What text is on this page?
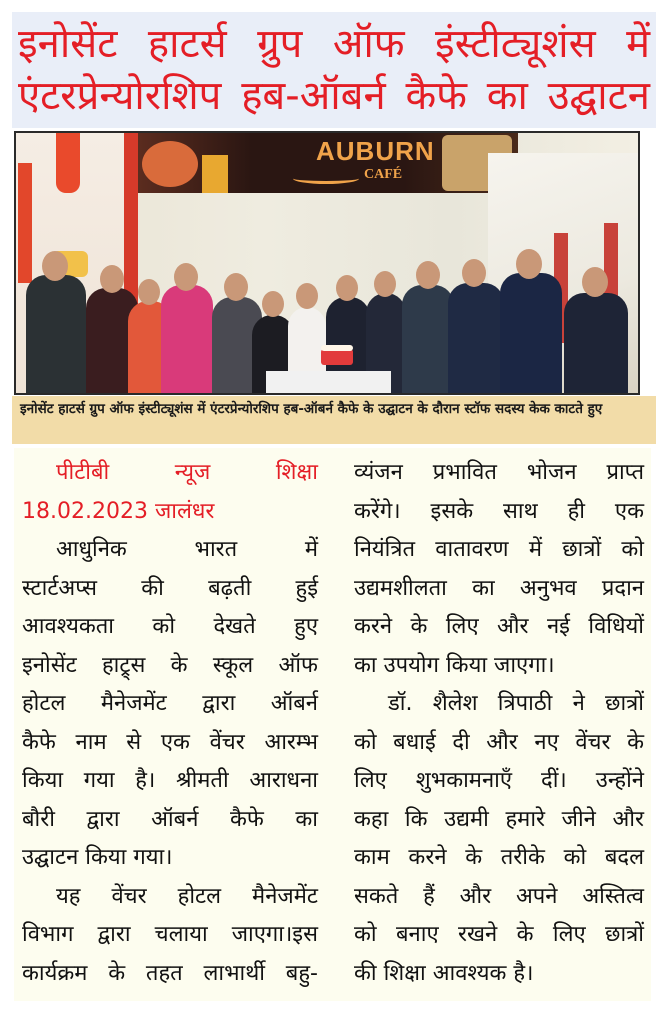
इनोसेंट हाटर्स ग्रुप ऑफ इंस्टीट्यूशंस में
एंटरप्रेन्योरशिप हब-ऑबर्न कैफे का उद्घाटन
AUBURN
CAFÉ
इनोसेंट हाटर्स ग्रुप ऑफ इंस्टीट्यूशंस में एंटरप्रेन्योरशिप हब-ऑबर्न कैफे के उद्घाटन के दौरान स्टॉफ सदस्य केक काटते हुए
पीटीबी न्यूज शिक्षा
18.02.2023 जालंधर
आधुनिक भारत में
स्टार्टअप्स की बढ़ती हुई
आवश्यकता को देखते हुए
इनोसेंट हाट्र्स के स्कूल ऑफ
होटल मैनेजमेंट द्वारा ऑबर्न
कैफे नाम से एक वेंचर आरम्भ
किया गया है। श्रीमती आराधना
बौरी द्वारा ऑबर्न कैफे का
उद्घाटन किया गया।
यह वेंचर होटल मैनेजमेंट
विभाग द्वारा चलाया जाएगा।इस
कार्यक्रम के तहत लाभार्थी बहु-
व्यंजन प्रभावित भोजन प्राप्त
करेंगे। इसके साथ ही एक
नियंत्रित वातावरण में छात्रों को
उद्यमशीलता का अनुभव प्रदान
करने के लिए और नई विधियों
का उपयोग किया जाएगा।
डॉ. शैलेश त्रिपाठी ने छात्रों
को बधाई दी और नए वेंचर के
लिए शुभकामनाएँ दीं। उन्होंने
कहा कि उद्यमी हमारे जीने और
काम करने के तरीके को बदल
सकते हैं और अपने अस्तित्व
को बनाए रखने के लिए छात्रों
की शिक्षा आवश्यक है।
